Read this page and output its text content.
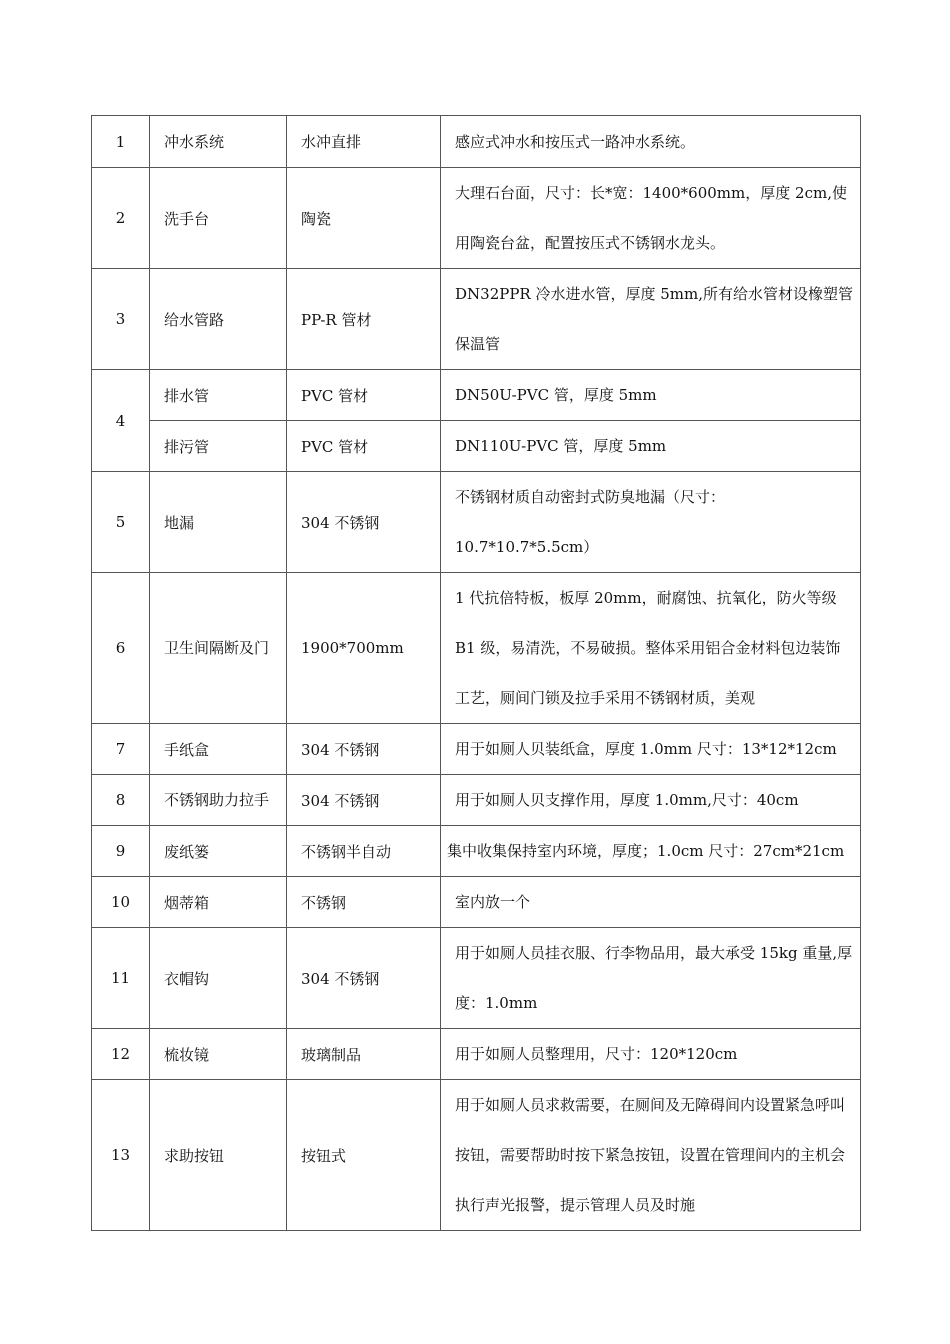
1	冲水系统	水冲直排	感应式冲水和按压式一路冲水系统。
2	洗手台	陶瓷	大理石台面，尺寸：长*宽：1400*600mm，厚度 2cm,使用陶瓷台盆，配置按压式不锈钢水龙头。
3	给水管路	PP-R 管材	DN32PPR 冷水进水管，厚度 5mm,所有给水管材设橡塑管保温管
4	排水管	PVC 管材	DN50U-PVC 管，厚度 5mm
	排污管	PVC 管材	DN110U-PVC 管，厚度 5mm
5	地漏	304 不锈钢	不锈钢材质自动密封式防臭地漏（尺寸：10.7*10.7*5.5cm）
6	卫生间隔断及门	1900*700mm	1 代抗倍特板，板厚 20mm，耐腐蚀、抗氧化，防火等级 B1 级，易清洗，不易破损。整体采用铝合金材料包边装饰工艺，厕间门锁及拉手采用不锈钢材质，美观
7	手纸盒	304 不锈钢	用于如厕人贝装纸盒，厚度 1.0mm 尺寸：13*12*12cm
8	不锈钢助力拉手	304 不锈钢	用于如厕人贝支撑作用，厚度 1.0mm,尺寸：40cm
9	废纸篓	不锈钢半自动	集中收集保持室内环境，厚度；1.0cm 尺寸：27cm*21cm

10	烟蒂箱	不锈钢	室内放一个
11	衣帽钩	304 不锈钢	用于如厕人员挂衣服、行李物品用，最大承受 15kg 重量,厚度：1.0mm
12	梳妆镜	玻璃制品	用于如厕人员整理用，尺寸：120*120cm
13	求助按钮	按钮式	用于如厕人员求救需要，在厕间及无障碍间内设置紧急呼叫按钮，需要帮助时按下紧急按钮，设置在管理间内的主机会执行声光报警，提示管理人员及时施
